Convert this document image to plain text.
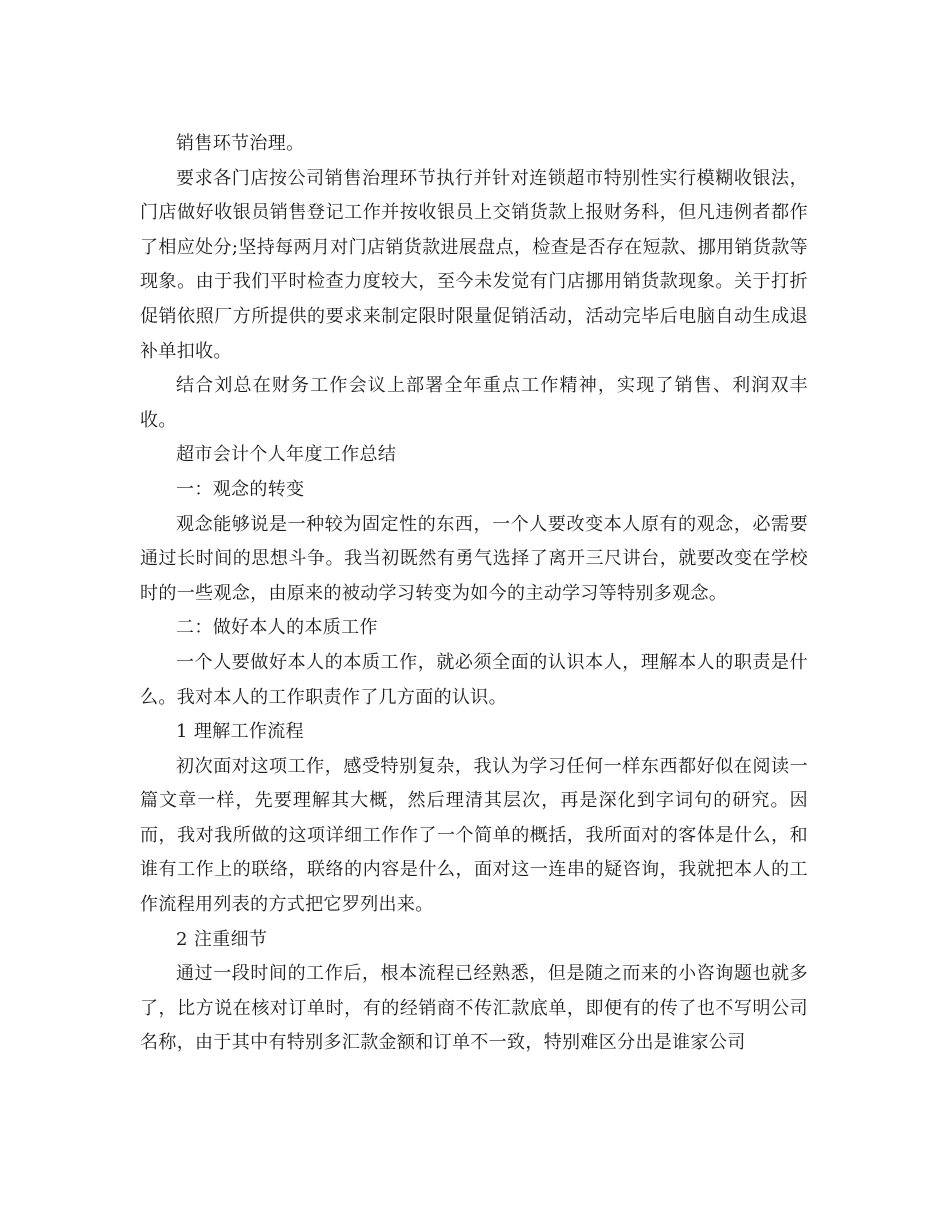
销售环节治理。

要求各门店按公司销售治理环节执行并针对连锁超市特别性实行模糊收银法，门店做好收银员销售登记工作并按收银员上交销货款上报财务科，但凡违例者都作了相应处分;坚持每两月对门店销货款进展盘点，检查是否存在短款、挪用销货款等现象。由于我们平时检查力度较大，至今未发觉有门店挪用销货款现象。关于打折促销依照厂方所提供的要求来制定限时限量促销活动，活动完毕后电脑自动生成退补单扣收。

结合刘总在财务工作会议上部署全年重点工作精神，实现了销售、利润双丰收。

超市会计个人年度工作总结

一：观念的转变

观念能够说是一种较为固定性的东西，一个人要改变本人原有的观念，必需要通过长时间的思想斗争。我当初既然有勇气选择了离开三尺讲台，就要改变在学校时的一些观念，由原来的被动学习转变为如今的主动学习等特别多观念。

二：做好本人的本质工作

一个人要做好本人的本质工作，就必须全面的认识本人，理解本人的职责是什么。我对本人的工作职责作了几方面的认识。

1 理解工作流程

初次面对这项工作，感受特别复杂，我认为学习任何一样东西都好似在阅读一篇文章一样，先要理解其大概，然后理清其层次，再是深化到字词句的研究。因而，我对我所做的这项详细工作作了一个简单的概括，我所面对的客体是什么，和谁有工作上的联络，联络的内容是什么，面对这一连串的疑咨询，我就把本人的工作流程用列表的方式把它罗列出来。

2 注重细节

通过一段时间的工作后，根本流程已经熟悉，但是随之而来的小咨询题也就多了，比方说在核对订单时，有的经销商不传汇款底单，即便有的传了也不写明公司名称，由于其中有特别多汇款金额和订单不一致，特别难区分出是谁家公司
